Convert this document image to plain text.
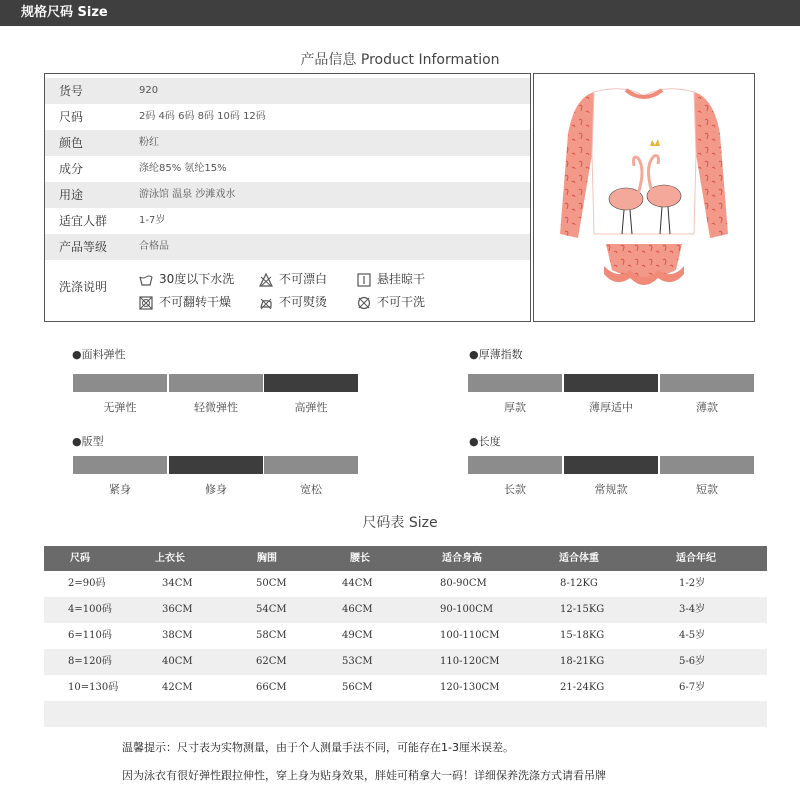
规格尺码 Size
产品信息 Product Information
货号	920
尺码	2码 4码 6码 8码 10码 12码
颜色	粉红
成分	涤纶85% 氨纶15%
用途	游泳馆 温泉 沙滩戏水
适宜人群	1-7岁
产品等级	合格品
洗涤说明
30度以下水洗	不可漂白	悬挂晾干
不可翻转干燥	不可熨烫	不可干洗
●面料弹性
无弹性	轻微弹性	高弹性
●厚薄指数
厚款	薄厚适中	薄款
●版型
紧身	修身	宽松
●长度
长款	常规款	短款
尺码表 Size
尺码	上衣长	胸围	腰长	适合身高	适合体重	适合年纪
2=90码	34CM	50CM	44CM	80-90CM	8-12KG	1-2岁
4=100码	36CM	54CM	46CM	90-100CM	12-15KG	3-4岁
6=110码	38CM	58CM	49CM	100-110CM	15-18KG	4-5岁
8=120码	40CM	62CM	53CM	110-120CM	18-21KG	5-6岁
10=130码	42CM	66CM	56CM	120-130CM	21-24KG	6-7岁
温馨提示：尺寸表为实物测量，由于个人测量手法不同，可能存在1-3厘米误差。
因为泳衣有很好弹性跟拉伸性，穿上身为贴身效果，胖娃可稍拿大一码！详细保养洗涤方式请看吊牌
